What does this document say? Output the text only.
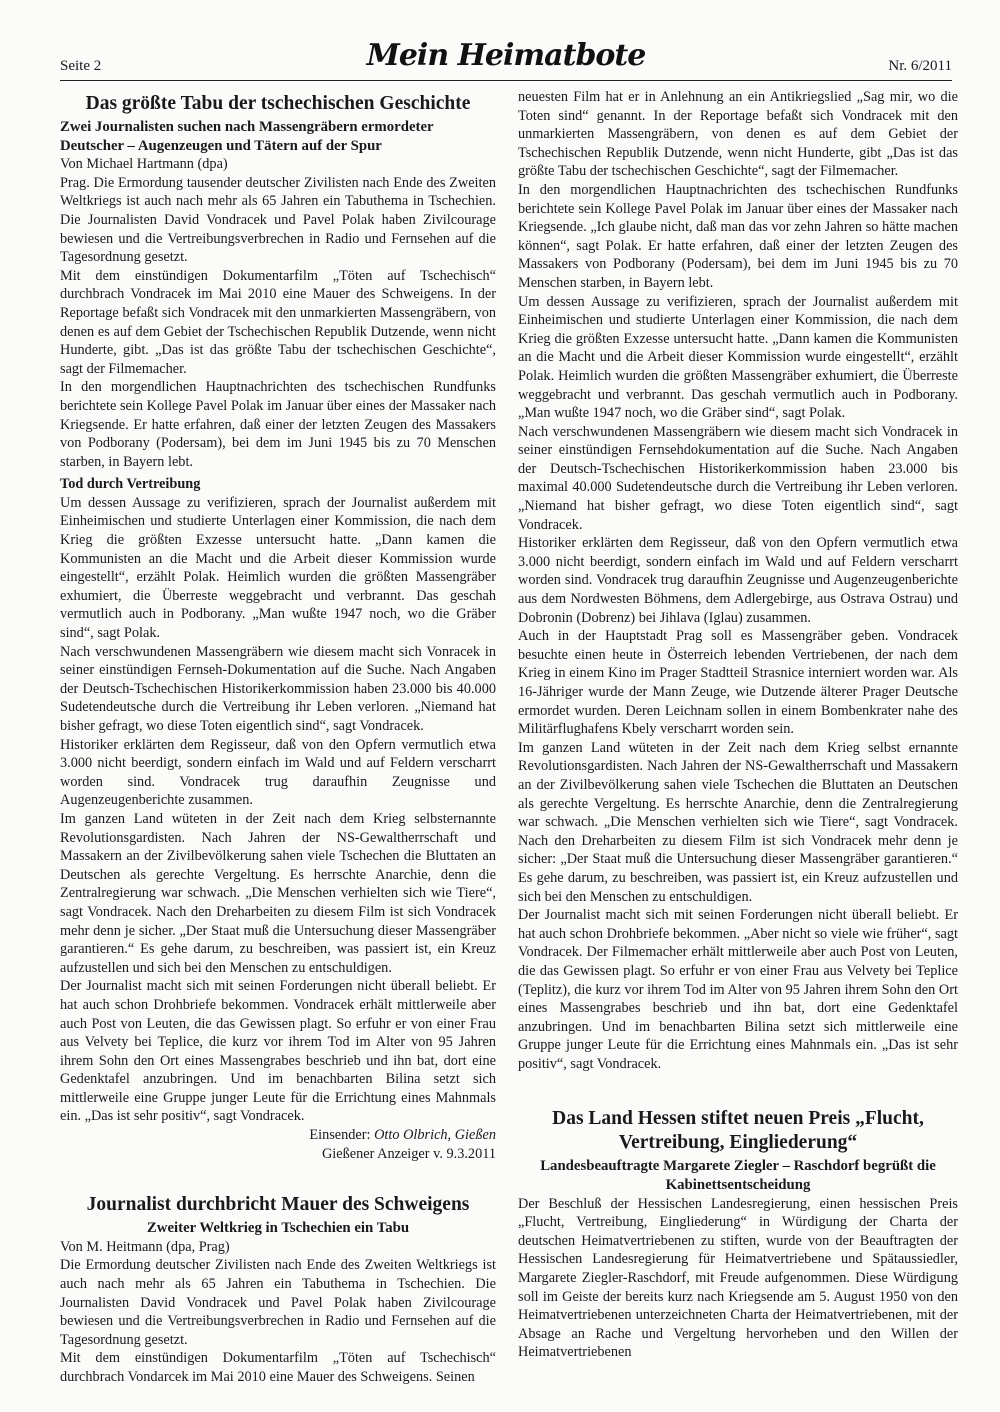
Seite 2	Mein Heimatbote	Nr. 6/2011
Das größte Tabu der tschechischen Geschichte
Zwei Journalisten suchen nach Massengräbern ermordeter Deutscher – Augenzeugen und Tätern auf der Spur

Von Michael Hartmann (dpa)

Prag. Die Ermordung tausender deutscher Zivilisten nach Ende des Zweiten Weltkriegs ist auch nach mehr als 65 Jahren ein Tabuthema in Tschechien. Die Journalisten David Vondracek und Pavel Polak haben Zivilcourage bewiesen und die Vertreibungsverbrechen in Radio und Fernsehen auf die Tagesordnung gesetzt.

Mit dem einstündigen Dokumentarfilm „Töten auf Tschechisch“ durchbrach Vondracek im Mai 2010 eine Mauer des Schweigens. In der Reportage befaßt sich Vondracek mit den unmarkierten Massengräbern, von denen es auf dem Gebiet der Tschechischen Republik Dutzende, wenn nicht Hunderte, gibt. „Das ist das größte Tabu der tschechischen Geschichte“, sagt der Filmemacher.

In den morgendlichen Hauptnachrichten des tschechischen Rundfunks berichtete sein Kollege Pavel Polak im Januar über eines der Massaker nach Kriegsende. Er hatte erfahren, daß einer der letzten Zeugen des Massakers von Podborany (Podersam), bei dem im Juni 1945 bis zu 70 Menschen starben, in Bayern lebt.

Tod durch Vertreibung

Um dessen Aussage zu verifizieren, sprach der Journalist außerdem mit Einheimischen und studierte Unterlagen einer Kommission, die nach dem Krieg die größten Exzesse untersucht hatte. „Dann kamen die Kommunisten an die Macht und die Arbeit dieser Kommission wurde eingestellt“, erzählt Polak. Heimlich wurden die größten Massengräber exhumiert, die Überreste weggebracht und verbrannt. Das geschah vermutlich auch in Podborany. „Man wußte 1947 noch, wo die Gräber sind“, sagt Polak.

Nach verschwundenen Massengräbern wie diesem macht sich Vonracek in seiner einstündigen Fernseh-Dokumentation auf die Suche. Nach Angaben der Deutsch-Tschechischen Historikerkommission haben 23.000 bis 40.000 Sudetendeutsche durch die Vertreibung ihr Leben verloren. „Niemand hat bisher gefragt, wo diese Toten eigentlich sind“, sagt Vondracek.

Historiker erklärten dem Regisseur, daß von den Opfern vermutlich etwa 3.000 nicht beerdigt, sondern einfach im Wald und auf Feldern verscharrt worden sind. Vondracek trug daraufhin Zeugnisse und Augenzeugenberichte zusammen.

Im ganzen Land wüteten in der Zeit nach dem Krieg selbsternannte Revolutionsgardisten. Nach Jahren der NS-Gewaltherrschaft und Massakern an der Zivilbevölkerung sahen viele Tschechen die Bluttaten an Deutschen als gerechte Vergeltung. Es herrschte Anarchie, denn die Zentralregierung war schwach. „Die Menschen verhielten sich wie Tiere“, sagt Vondracek. Nach den Dreharbeiten zu diesem Film ist sich Vondracek mehr denn je sicher. „Der Staat muß die Untersuchung dieser Massengräber garantieren.“ Es gehe darum, zu beschreiben, was passiert ist, ein Kreuz aufzustellen und sich bei den Menschen zu entschuldigen.

Der Journalist macht sich mit seinen Forderungen nicht überall beliebt. Er hat auch schon Drohbriefe bekommen. Vondracek erhält mittlerweile aber auch Post von Leuten, die das Gewissen plagt. So erfuhr er von einer Frau aus Velvety bei Teplice, die kurz vor ihrem Tod im Alter von 95 Jahren ihrem Sohn den Ort eines Massengrabes beschrieb und ihn bat, dort eine Gedenktafel anzubringen. Und im benachbarten Bilina setzt sich mittlerweile eine Gruppe junger Leute für die Errichtung eines Mahnmals ein. „Das ist sehr positiv“, sagt Vondracek.

Einsender: Otto Olbrich, Gießen

Gießener Anzeiger v. 9.3.2011

Journalist durchbricht Mauer des Schweigens
Zweiter Weltkrieg in Tschechien ein Tabu

Von M. Heitmann (dpa, Prag)

Die Ermordung deutscher Zivilisten nach Ende des Zweiten Weltkriegs ist auch nach mehr als 65 Jahren ein Tabuthema in Tschechien. Die Journalisten David Vondracek und Pavel Polak haben Zivilcourage bewiesen und die Vertreibungsverbrechen in Radio und Fernsehen auf die Tagesordnung gesetzt.

Mit dem einstündigen Dokumentarfilm „Töten auf Tschechisch“ durchbrach Vondarcek im Mai 2010 eine Mauer des Schweigens. Seinen

neuesten Film hat er in Anlehnung an ein Antikriegslied „Sag mir, wo die Toten sind“ genannt. In der Reportage befaßt sich Vondracek mit den unmarkierten Massengräbern, von denen es auf dem Gebiet der Tschechischen Republik Dutzende, wenn nicht Hunderte, gibt „Das ist das größte Tabu der tschechischen Geschichte“, sagt der Filmemacher.

In den morgendlichen Hauptnachrichten des tschechischen Rundfunks berichtete sein Kollege Pavel Polak im Januar über eines der Massaker nach Kriegsende. „Ich glaube nicht, daß man das vor zehn Jahren so hätte machen können“, sagt Polak. Er hatte erfahren, daß einer der letzten Zeugen des Massakers von Podborany (Podersam), bei dem im Juni 1945 bis zu 70 Menschen starben, in Bayern lebt.

Um dessen Aussage zu verifizieren, sprach der Journalist außerdem mit Einheimischen und studierte Unterlagen einer Kommission, die nach dem Krieg die größten Exzesse untersucht hatte. „Dann kamen die Kommunisten an die Macht und die Arbeit dieser Kommission wurde eingestellt“, erzählt Polak. Heimlich wurden die größten Massengräber exhumiert, die Überreste weggebracht und verbrannt. Das geschah vermutlich auch in Podborany. „Man wußte 1947 noch, wo die Gräber sind“, sagt Polak.

Nach verschwundenen Massengräbern wie diesem macht sich Vondracek in seiner einstündigen Fernsehdokumentation auf die Suche. Nach Angaben der Deutsch-Tschechischen Historikerkommission haben 23.000 bis maximal 40.000 Sudetendeutsche durch die Vertreibung ihr Leben verloren. „Niemand hat bisher gefragt, wo diese Toten eigentlich sind“, sagt Vondracek.

Historiker erklärten dem Regisseur, daß von den Opfern vermutlich etwa 3.000 nicht beerdigt, sondern einfach im Wald und auf Feldern verscharrt worden sind. Vondracek trug daraufhin Zeugnisse und Augenzeugenberichte aus dem Nordwesten Böhmens, dem Adlergebirge, aus Ostrava Ostrau) und Dobronin (Dobrenz) bei Jihlava (Iglau) zusammen.

Auch in der Hauptstadt Prag soll es Massengräber geben. Vondracek besuchte einen heute in Österreich lebenden Vertriebenen, der nach dem Krieg in einem Kino im Prager Stadtteil Strasnice interniert worden war. Als 16-Jähriger wurde der Mann Zeuge, wie Dutzende älterer Prager Deutsche ermordet wurden. Deren Leichnam sollen in einem Bombenkrater nahe des Militärflughafens Kbely verscharrt worden sein.

Im ganzen Land wüteten in der Zeit nach dem Krieg selbst ernannte Revolutionsgardisten. Nach Jahren der NS-Gewaltherrschaft und Massakern an der Zivilbevölkerung sahen viele Tschechen die Bluttaten an Deutschen als gerechte Vergeltung. Es herrschte Anarchie, denn die Zentralregierung war schwach. „Die Menschen verhielten sich wie Tiere“, sagt Vondracek. Nach den Dreharbeiten zu diesem Film ist sich Vondracek mehr denn je sicher: „Der Staat muß die Untersuchung dieser Massengräber garantieren.“ Es gehe darum, zu beschreiben, was passiert ist, ein Kreuz aufzustellen und sich bei den Menschen zu entschuldigen.

Der Journalist macht sich mit seinen Forderungen nicht überall beliebt. Er hat auch schon Drohbriefe bekommen. „Aber nicht so viele wie früher“, sagt Vondracek. Der Filmemacher erhält mittlerweile aber auch Post von Leuten, die das Gewissen plagt. So erfuhr er von einer Frau aus Velvety bei Teplice (Teplitz), die kurz vor ihrem Tod im Alter von 95 Jahren ihrem Sohn den Ort eines Massengrabes beschrieb und ihn bat, dort eine Gedenktafel anzubringen. Und im benachbarten Bilina setzt sich mittlerweile eine Gruppe junger Leute für die Errichtung eines Mahnmals ein. „Das ist sehr positiv“, sagt Vondracek.

Das Land Hessen stiftet neuen Preis „Flucht, Vertreibung, Eingliederung“
Landesbeauftragte Margarete Ziegler – Raschdorf begrüßt die Kabinettsentscheidung

Der Beschluß der Hessischen Landesregierung, einen hessischen Preis „Flucht, Vertreibung, Eingliederung“ in Würdigung der Charta der deutschen Heimatvertriebenen zu stiften, wurde von der Beauftragten der Hessischen Landesregierung für Heimatvertriebene und Spätaussiedler, Margarete Ziegler-Raschdorf, mit Freude aufgenommen. Diese Würdigung soll im Geiste der bereits kurz nach Kriegsende am 5. August 1950 von den Heimatvertriebenen unterzeichneten Charta der Heimatvertriebenen, mit der Absage an Rache und Vergeltung hervorheben und den Willen der Heimatvertriebenen
